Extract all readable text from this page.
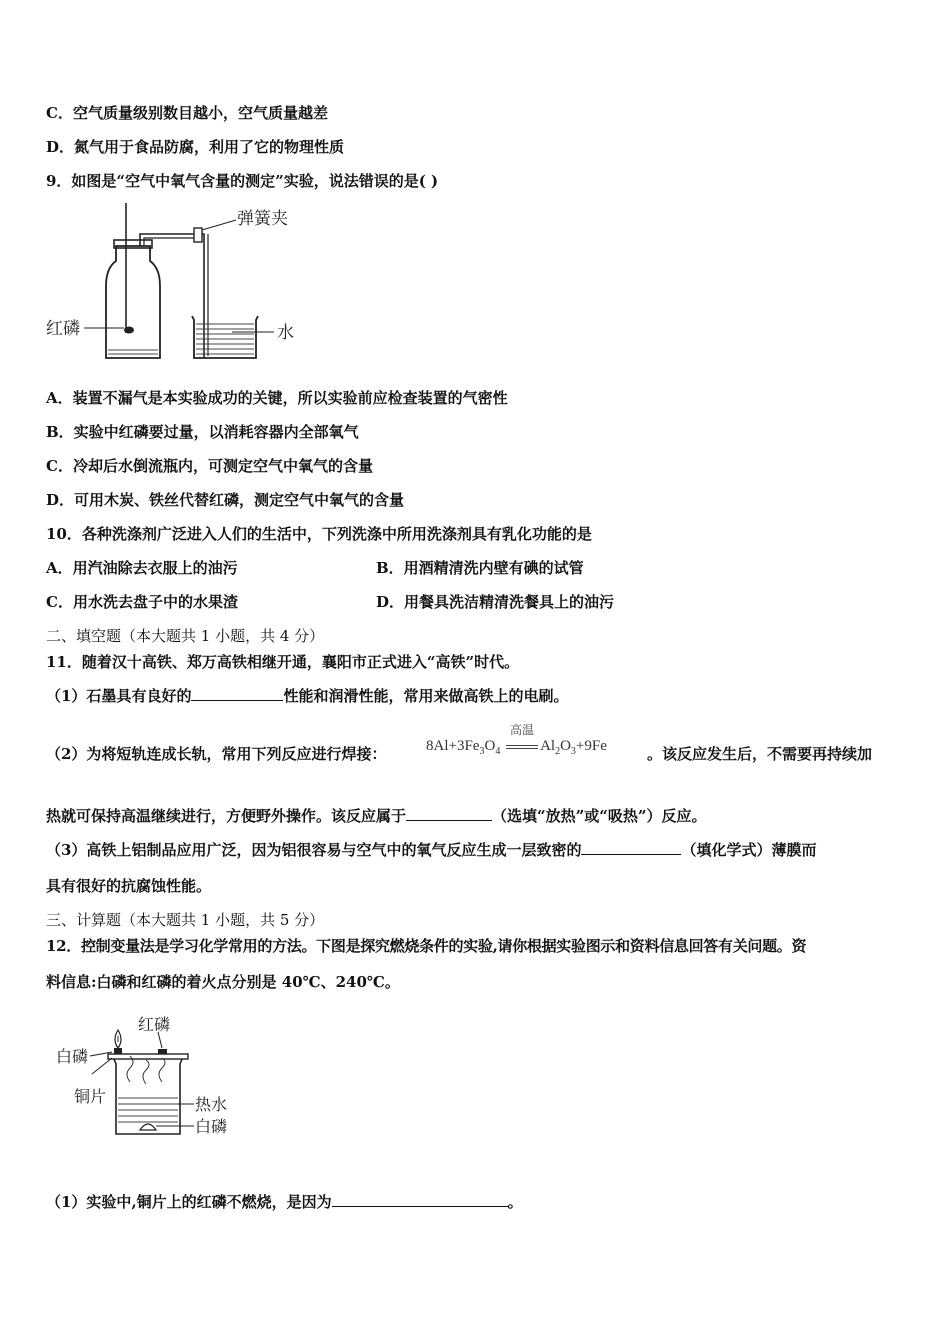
C．空气质量级别数目越小，空气质量越差
D．氮气用于食品防腐，利用了它的物理性质
9．如图是“空气中氧气含量的测定”实验，说法错误的是( )
弹簧夹
红磷	水
A．装置不漏气是本实验成功的关键，所以实验前应检查装置的气密性
B．实验中红磷要过量，以消耗容器内全部氧气
C．冷却后水倒流瓶内，可测定空气中氧气的含量
D．可用木炭、铁丝代替红磷，测定空气中氧气的含量
10．各种洗涤剂广泛进入人们的生活中，下列洗涤中所用洗涤剂具有乳化功能的是
A．用汽油除去衣服上的油污	B．用酒精清洗内壁有碘的试管
C．用水洗去盘子中的水果渣	D．用餐具洗洁精清洗餐具上的油污
二、填空题（本大题共 1 小题，共 4 分）
11．随着汉十高铁、郑万高铁相继开通，襄阳市正式进入“高铁”时代。
（1）石墨具有良好的	性能和润滑性能，常用来做高铁上的电刷。
（2）为将短轨连成长轨，常用下列反应进行焊接：	$8Al+3Fe_3O_4$
高温
$Al_2O_3+9Fe$	。该反应发生后，不需要再持续加
热就可保持高温继续进行，方便野外操作。该反应属于	（选填“放热”或“吸热”）反应。
（3）高铁上铝制品应用广泛，因为铝很容易与空气中的氧气反应生成一层致密的	（填化学式）薄膜而
具有很好的抗腐蚀性能。
三、计算题（本大题共 1 小题，共 5 分）
12．控制变量法是学习化学常用的方法。下图是探究燃烧条件的实验,请你根据实验图示和资料信息回答有关问题。资
料信息:白磷和红磷的着火点分别是 40℃、240℃。
红磷
白磷
铜片	热水
白磷
（1）实验中,铜片上的红磷不燃烧，是因为	。
